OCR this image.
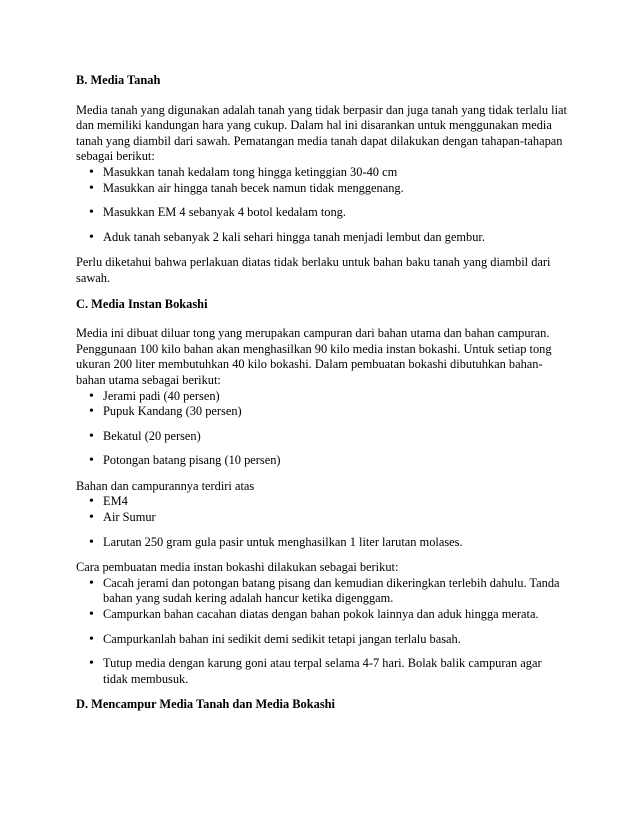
B. Media Tanah

Media tanah yang digunakan adalah tanah yang tidak berpasir dan juga tanah yang tidak terlalu liat dan memiliki kandungan hara yang cukup. Dalam hal ini disarankan untuk menggunakan media tanah yang diambil dari sawah. Pematangan media tanah dapat dilakukan dengan tahapan-tahapan sebagai berikut:

• Masukkan tanah kedalam tong hingga ketinggian 30-40 cm
• Masukkan air hingga tanah becek namun tidak menggenang.
• Masukkan EM 4 sebanyak 4 botol kedalam tong.
• Aduk tanah sebanyak 2 kali sehari hingga tanah menjadi lembut dan gembur.

Perlu diketahui bahwa perlakuan diatas tidak berlaku untuk bahan baku tanah yang diambil dari sawah.

C. Media Instan Bokashi

Media ini dibuat diluar tong yang merupakan campuran dari bahan utama dan bahan campuran. Penggunaan 100 kilo bahan akan menghasilkan 90 kilo media instan bokashi. Untuk setiap tong ukuran 200 liter membutuhkan 40 kilo bokashi. Dalam pembuatan bokashi dibutuhkan bahan-bahan utama sebagai berikut:

• Jerami padi (40 persen)
• Pupuk Kandang (30 persen)
• Bekatul (20 persen)
• Potongan batang pisang (10 persen)

Bahan dan campurannya terdiri atas

• EM4
• Air Sumur
• Larutan 250 gram gula pasir untuk menghasilkan 1 liter larutan molases.

Cara pembuatan media instan bokashi dilakukan sebagai berikut:

• Cacah jerami dan potongan batang pisang dan kemudian dikeringkan terlebih dahulu. Tanda bahan yang sudah kering adalah hancur ketika digenggam.
• Campurkan bahan cacahan diatas dengan bahan pokok lainnya dan aduk hingga merata.
• Campurkanlah bahan ini sedikit demi sedikit tetapi jangan terlalu basah.
• Tutup media dengan karung goni atau terpal selama 4-7 hari. Bolak balik campuran agar tidak membusuk.
D. Mencampur Media Tanah dan Media Bokashi
